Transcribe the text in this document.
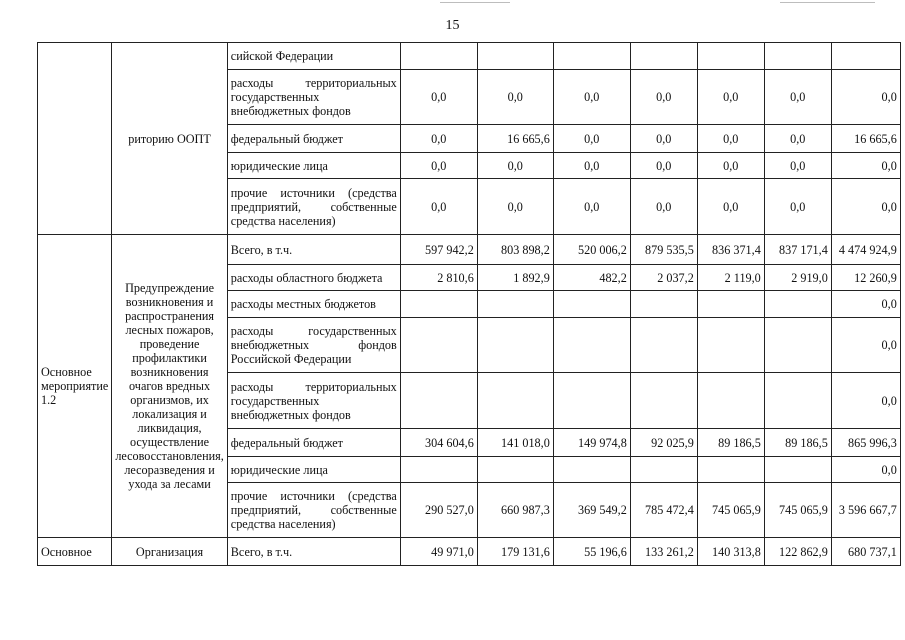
15
	риторию ООПТ	сийской Федерации							
		расходы территориальных государственных внебюджетных фондов	0,0	0,0	0,0	0,0	0,0	0,0	0,0
		федеральный бюджет	0,0	16 665,6	0,0	0,0	0,0	0,0	16 665,6
		юридические лица	0,0	0,0	0,0	0,0	0,0	0,0	0,0
		прочие источники (средства предприятий, собственные средства населения)	0,0	0,0	0,0	0,0	0,0	0,0	0,0
Основное мероприятие 1.2	Предупреждение возникновения и распространения лесных пожаров, проведение профилактики возникновения очагов вредных организмов, их локализация и ликвидация, осуществление лесовосстановления, лесоразведения и ухода за лесами	Всего, в т.ч.	597 942,2	803 898,2	520 006,2	879 535,5	836 371,4	837 171,4	4 474 924,9
		расходы областного бюджета	2 810,6	1 892,9	482,2	2 037,2	2 119,0	2 919,0	12 260,9
		расходы местных бюджетов							0,0
		расходы государственных внебюджетных фондов Российской Федерации							0,0
		расходы территориальных государственных внебюджетных фондов							0,0
		федеральный бюджет	304 604,6	141 018,0	149 974,8	92 025,9	89 186,5	89 186,5	865 996,3
		юридические лица							0,0
		прочие источники (средства предприятий, собственные средства населения)	290 527,0	660 987,3	369 549,2	785 472,4	745 065,9	745 065,9	3 596 667,7
Основное	Организация	Всего, в т.ч.	49 971,0	179 131,6	55 196,6	133 261,2	140 313,8	122 862,9	680 737,1
